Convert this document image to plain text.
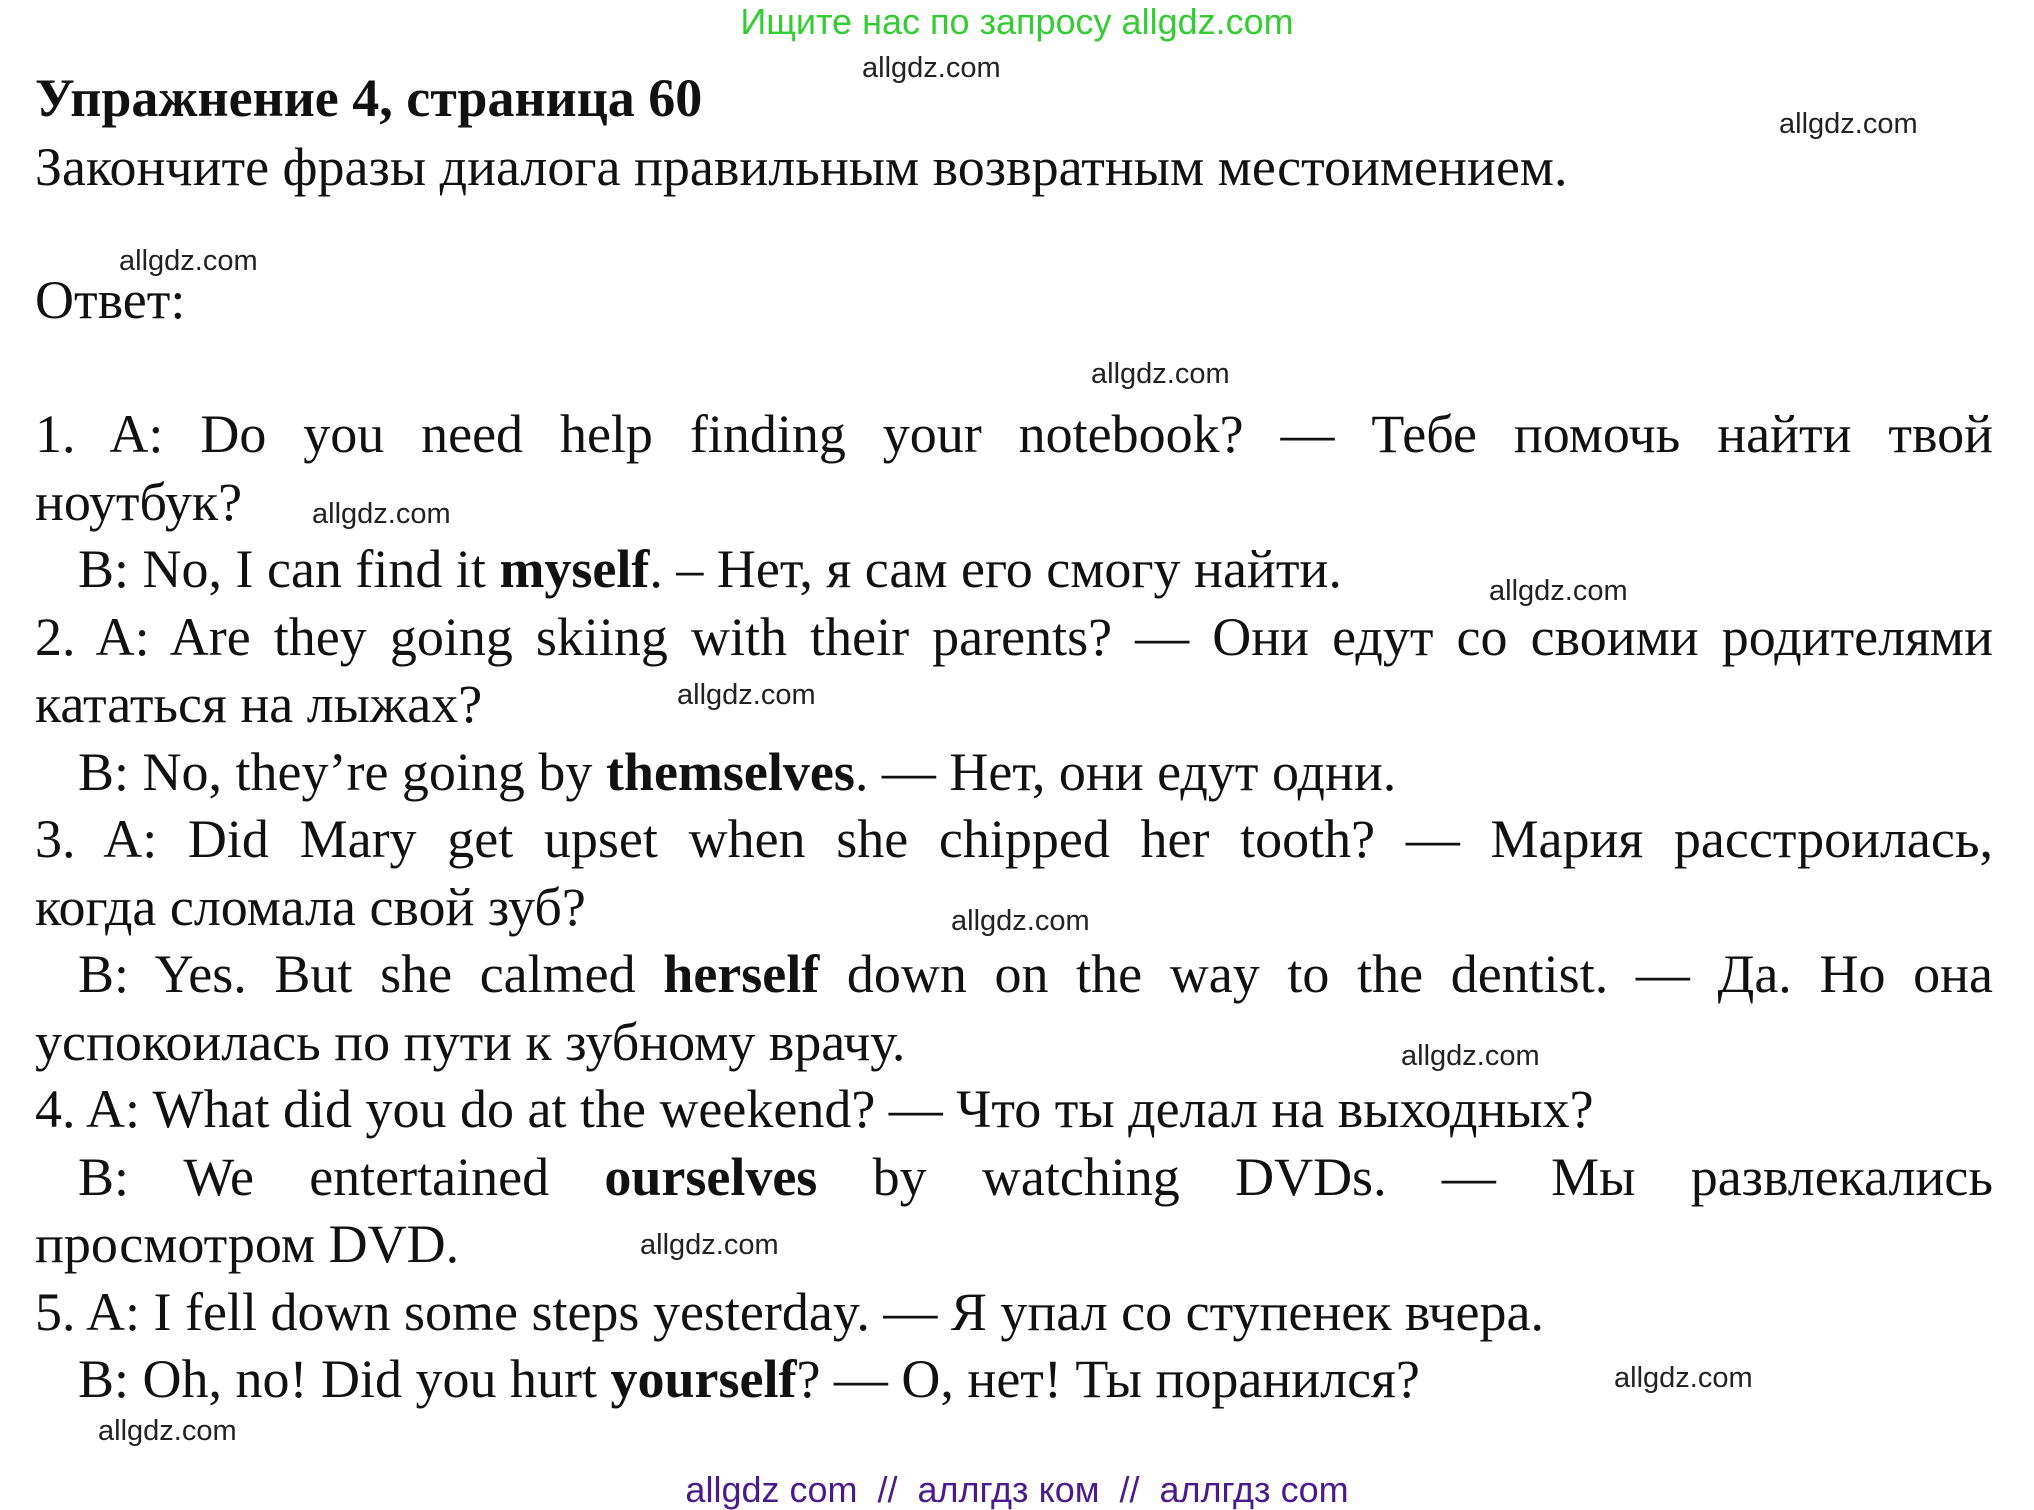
Ищите нас по запросу allgdz.com
Упражнение 4, страница 60
Закончите фразы диалога правильным возвратным местоимением.
Ответ:
1. A: Do you need help finding your notebook? — Тебе помочь найти твой
ноутбук?
B: No, I can find it myself. – Нет, я сам его смогу найти.
2. A: Are they going skiing with their parents? — Они едут со своими родителями
кататься на лыжах?
B: No, they’re going by themselves. — Нет, они едут одни.
3. A: Did Mary get upset when she chipped her tooth? — Мария расстроилась,
когда сломала свой зуб?
B: Yes. But she calmed herself down on the way to the dentist. — Да. Но она
успокоилась по пути к зубному врачу.
4. A: What did you do at the weekend? — Что ты делал на выходных?
B: We entertained ourselves by watching DVDs. — Мы развлекались
просмотром DVD.
5. A: I fell down some steps yesterday. — Я упал со ступенек вчера.
B: Oh, no! Did you hurt yourself? — О, нет! Ты поранился?
allgdz.com
allgdz.com
allgdz.com
allgdz.com
allgdz.com
allgdz.com
allgdz.com
allgdz.com
allgdz.com
allgdz.com
allgdz.com
allgdz.com
allgdz com  //  аллгдз ком  //  аллгдз com
